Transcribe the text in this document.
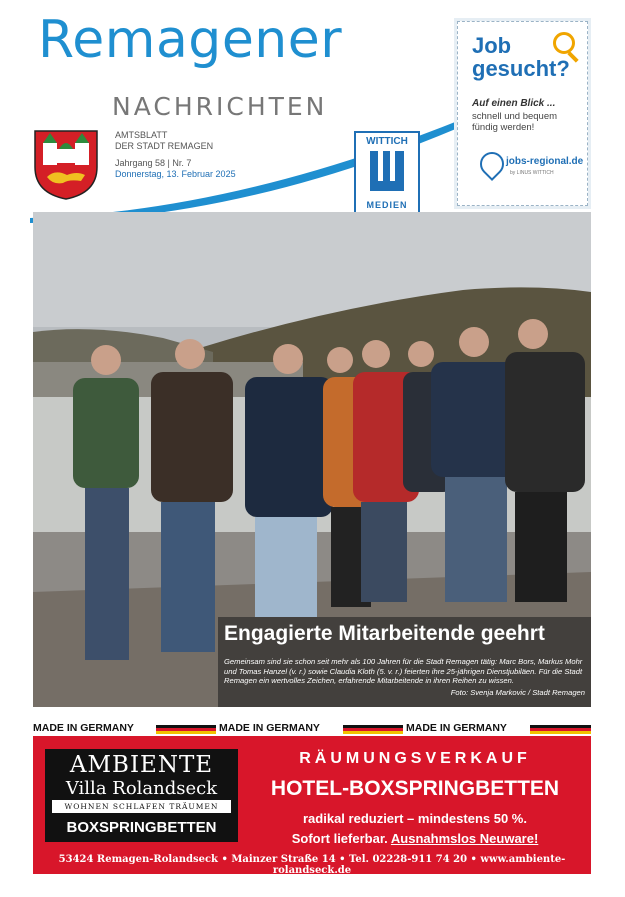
Remagener
NACHRICHTEN
AMTSBLATT
DER STADT REMAGEN
Jahrgang 58 | Nr. 7
Donnerstag, 13. Februar 2025
WITTICH
MEDIEN
Job
gesucht?
Auf einen Blick ...
schnell und bequem fündig werden!
jobs-regional.de
by LINUS WITTICH
Engagierte Mitarbeitende geehrt
Gemeinsam sind sie schon seit mehr als 100 Jahren für die Stadt Remagen tätig: Marc Bors, Markus Mohr und Tomas Hanzel (v. r.) sowie Claudia Kloth (5. v. r.) feierten ihre 25-jährigen Dienstjubiläen. Für die Stadt Remagen ein wertvolles Zeichen, erfahrende Mitarbeitende in ihren Reihen zu wissen.
Foto: Svenja Markovic / Stadt Remagen
MADE IN GERMANY	MADE IN GERMANY	MADE IN GERMANY
AMBIENTE
Villa Rolandseck
WOHNEN SCHLAFEN TRÄUMEN
BOXSPRINGBETTEN
RÄUMUNGSVERKAUF
HOTEL-BOXSPRINGBETTEN
radikal reduziert – mindestens 50 %.
Sofort lieferbar. Ausnahmslos Neuware!
53424 Remagen-Rolandseck • Mainzer Straße 14 • Tel. 02228-911 74 20 • www.ambiente-rolandseck.de
